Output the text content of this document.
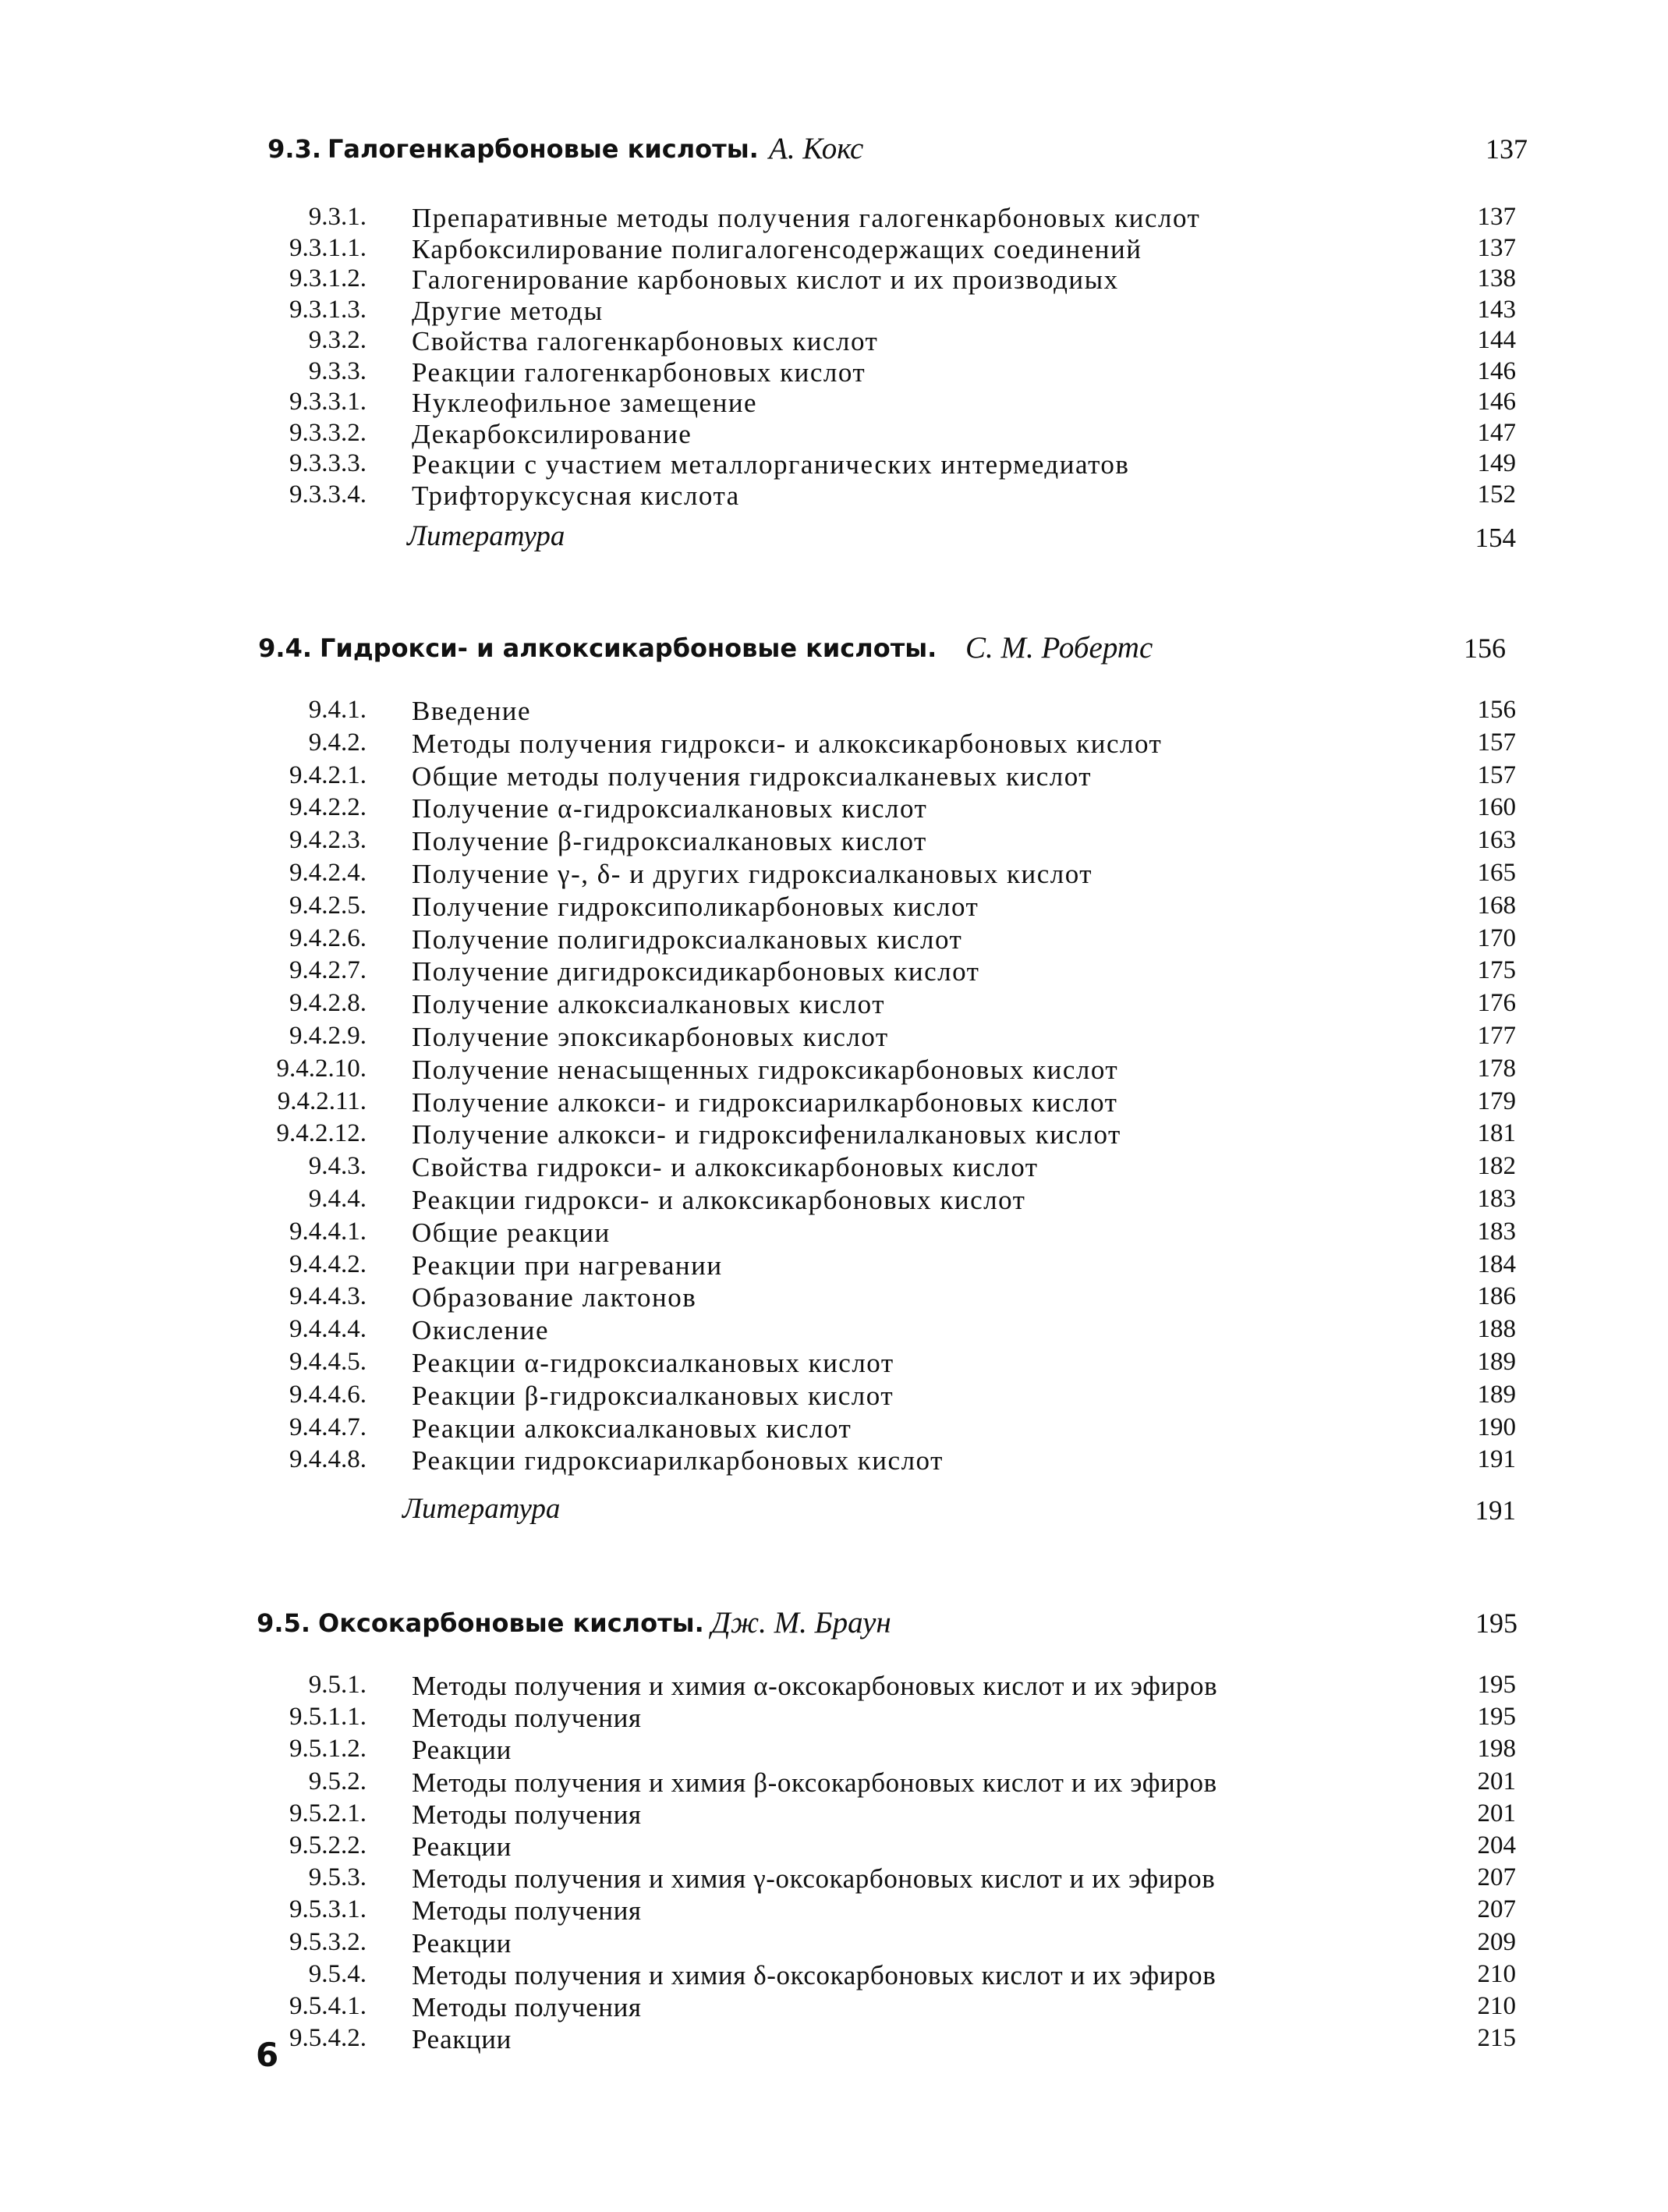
9.3. Галогенкарбоновые кислоты. А. Кокс	137
9.3.1. Препаративные методы получения галогенкарбоновых кислот	137
9.3.1.1. Карбоксилирование полигалогенсодержащих соединений	137
9.3.1.2. Галогенирование карбоновых кислот и их производиых	138
9.3.1.3. Другие методы	143
9.3.2. Свойства галогенкарбоновых кислот	144
9.3.3. Реакции галогенкарбоновых кислот	146
9.3.3.1. Нуклеофильное замещение	146
9.3.3.2. Декарбоксилирование	147
9.3.3.3. Реакции с участием металлорганических интермедиатов	149
9.3.3.4. Трифторуксусная кислота	152
Литература	154
9.4. Гидрокси- и алкоксикарбоновые кислоты. С. М. Робертс	156
9.4.1. Введение	156
9.4.2. Методы получения гидрокси- и алкоксикарбоновых кислот	157
9.4.2.1. Общие методы получения гидроксиалканевых кислот	157
9.4.2.2. Получение α-гидроксиалкановых кислот	160
9.4.2.3. Получение β-гидроксиалкановых кислот	163
9.4.2.4. Получение γ-, δ- и других гидроксиалкановых кислот	165
9.4.2.5. Получение гидроксиполикарбоновых кислот	168
9.4.2.6. Получение полигидроксиалкановых кислот	170
9.4.2.7. Получение дигидроксидикарбоновых кислот	175
9.4.2.8. Получение алкоксиалкановых кислот	176
9.4.2.9. Получение эпоксикарбоновых кислот	177
9.4.2.10. Получение ненасыщенных гидроксикарбоновых кислот	178
9.4.2.11. Получение алкокси- и гидроксиарилкарбоновых кислот	179
9.4.2.12. Получение алкокси- и гидроксифенилалкановых кислот	181
9.4.3. Свойства гидрокси- и алкоксикарбоновых кислот	182
9.4.4. Реакции гидрокси- и алкоксикарбоновых кислот	183
9.4.4.1. Общие реакции	183
9.4.4.2. Реакции при нагревании	184
9.4.4.3. Образование лактонов	186
9.4.4.4. Окисление	188
9.4.4.5. Реакции α-гидроксиалкановых кислот	189
9.4.4.6. Реакции β-гидроксиалкановых кислот	189
9.4.4.7. Реакции алкоксиалкановых кислот	190
9.4.4.8. Реакции гидроксиарилкарбоновых кислот	191
Литература	191
9.5. Оксокарбоновые кислоты. Дж. М. Браун	195
9.5.1. Методы получения и химия α-оксокарбоновых кислот и их эфиров	195
9.5.1.1. Методы получения	195
9.5.1.2. Реакции	198
9.5.2. Методы получения и химия β-оксокарбоновых кислот и их эфиров	201
9.5.2.1. Методы получения	201
9.5.2.2. Реакции	204
9.5.3. Методы получения и химия γ-оксокарбоновых кислот и их эфиров	207
9.5.3.1. Методы получения	207
9.5.3.2. Реакции	209
9.5.4. Методы получения и химия δ-оксокарбоновых кислот и их эфиров	210
9.5.4.1. Методы получения	210
9.5.4.2. Реакции	215
6
